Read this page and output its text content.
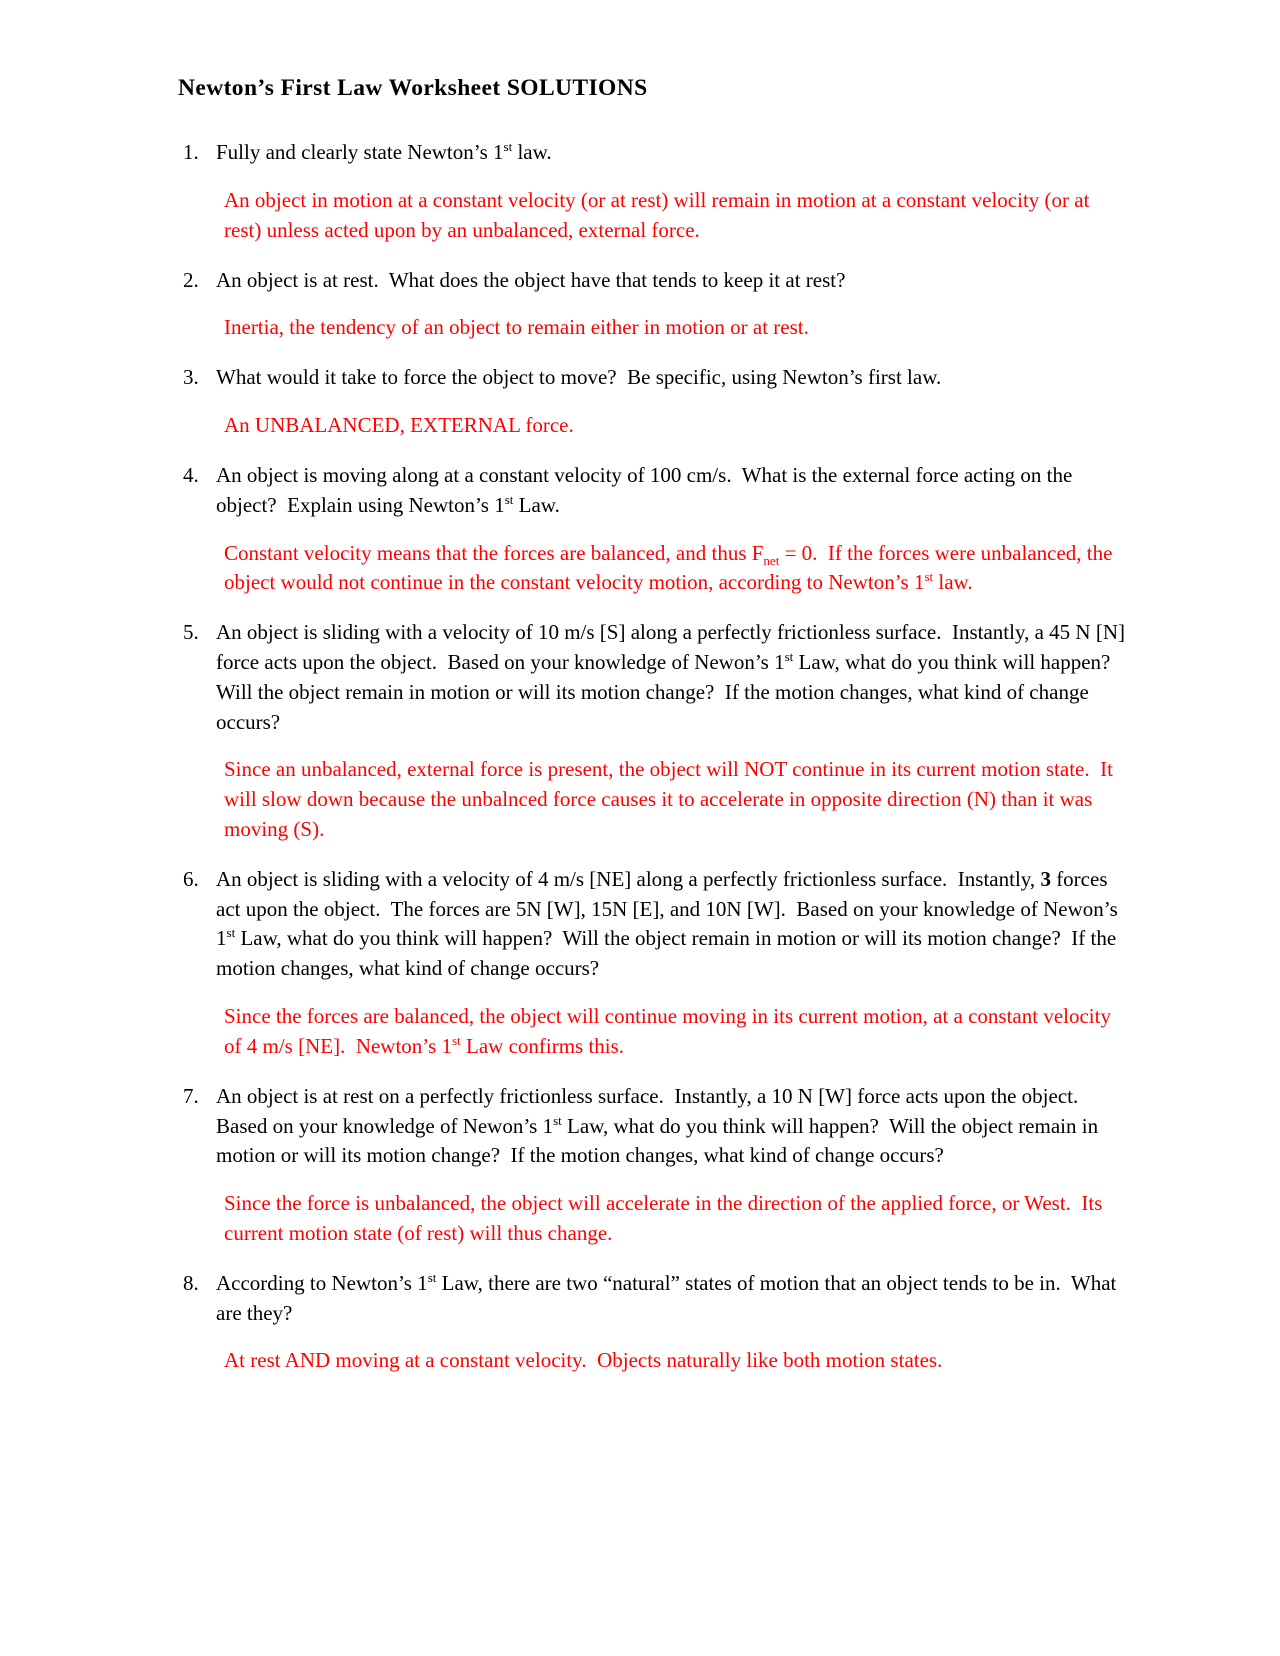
Newton’s First Law Worksheet SOLUTIONS
1. Fully and clearly state Newton’s 1st law.
An object in motion at a constant velocity (or at rest) will remain in motion at a constant velocity (or at rest) unless acted upon by an unbalanced, external force.
2. An object is at rest.  What does the object have that tends to keep it at rest?
Inertia, the tendency of an object to remain either in motion or at rest.
3. What would it take to force the object to move?  Be specific, using Newton’s first law.
An UNBALANCED, EXTERNAL force.
4. An object is moving along at a constant velocity of 100 cm/s.  What is the external force acting on the object?  Explain using Newton’s 1st Law.
Constant velocity means that the forces are balanced, and thus $F_{net} = 0$.  If the forces were unbalanced, the object would not continue in the constant velocity motion, according to Newton’s 1st law.
5. An object is sliding with a velocity of 10 m/s [S] along a perfectly frictionless surface.  Instantly, a 45 N [N] force acts upon the object.  Based on your knowledge of Newon’s 1st Law, what do you think will happen?  Will the object remain in motion or will its motion change?  If the motion changes, what kind of change occurs?
Since an unbalanced, external force is present, the object will NOT continue in its current motion state.  It will slow down because the unbalnced force causes it to accelerate in opposite direction (N) than it was moving (S).
6. An object is sliding with a velocity of 4 m/s [NE] along a perfectly frictionless surface.  Instantly, 3 forces act upon the object.  The forces are 5N [W], 15N [E], and 10N [W].  Based on your knowledge of Newon’s 1st Law, what do you think will happen?  Will the object remain in motion or will its motion change?  If the motion changes, what kind of change occurs?
Since the forces are balanced, the object will continue moving in its current motion, at a constant velocity of 4 m/s [NE].  Newton’s 1st Law confirms this.
7. An object is at rest on a perfectly frictionless surface.  Instantly, a 10 N [W] force acts upon the object.  Based on your knowledge of Newon’s 1st Law, what do you think will happen?  Will the object remain in motion or will its motion change?  If the motion changes, what kind of change occurs?
Since the force is unbalanced, the object will accelerate in the direction of the applied force, or West.  Its current motion state (of rest) will thus change.
8. According to Newton’s 1st Law, there are two “natural” states of motion that an object tends to be in.  What are they?
At rest AND moving at a constant velocity.  Objects naturally like both motion states.
